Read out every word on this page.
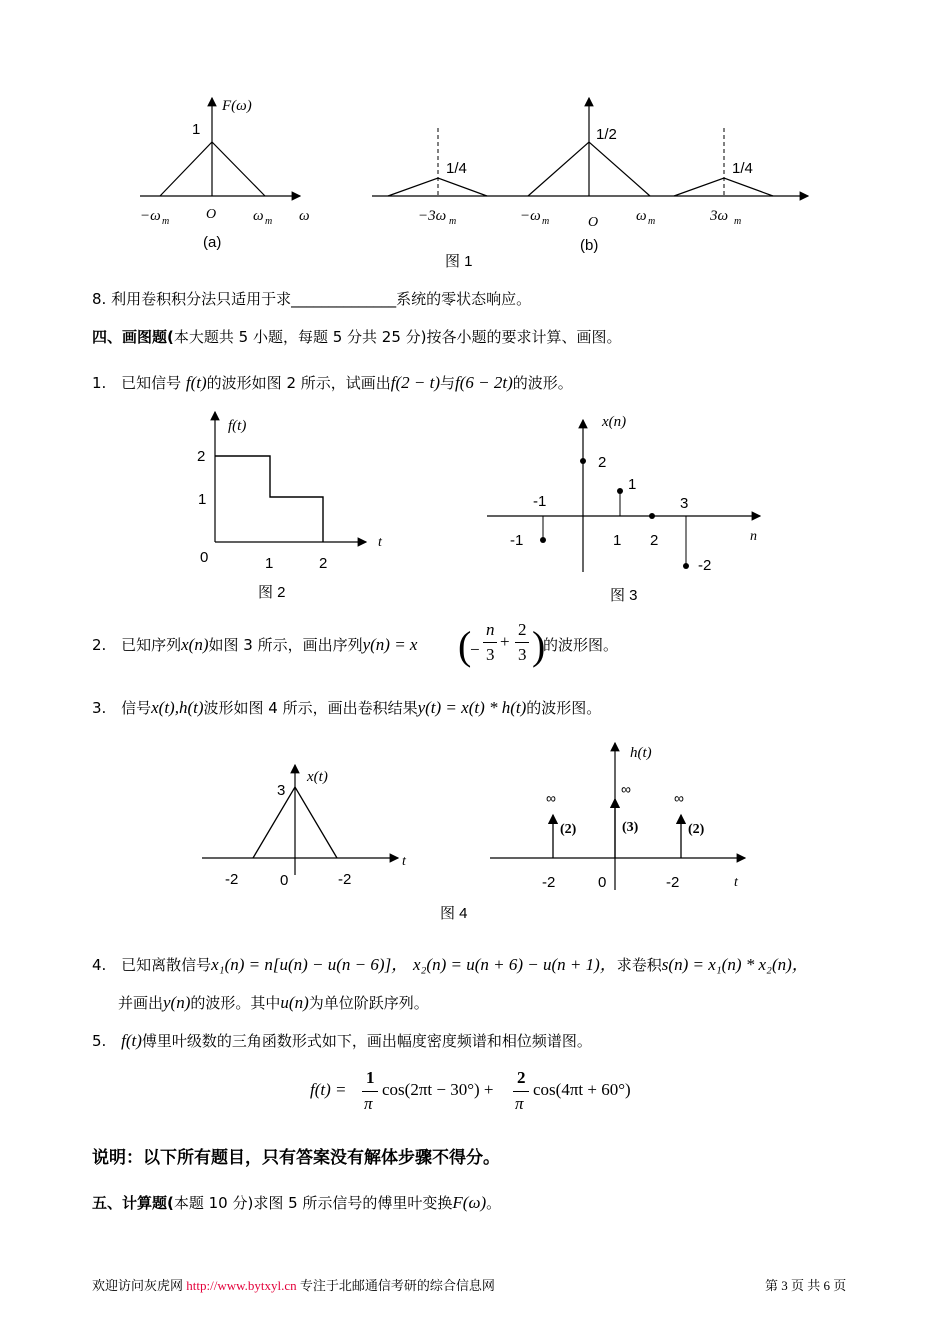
F(ω)
1
−ω m	O ω m ω
(a)
1/2
1/4	1/4
−3ω m	−ω m	O	ω m	3ω m
(b)
图 1
8. 利用卷积积分法只适用于求______________系统的零状态响应。
四、画图题(本大题共 5 小题，每题 5 分共 25 分)按各小题的要求计算、画图。
1. 已知信号 f(t)的波形如图 2 所示，试画出f(2 − t)与f(6 − 2t)的波形。
f(t)
2
1
0	1	2
t
图 2
x(n)
2
1
-1	3
-1	1 2
-2
n
图 3
2. 已知序列x(n)如图 3 所示，画出序列y(n) = x (
−
n
3
+
2
3 )
的波形图。
3. 信号x(t),h(t)波形如图 4 所示，画出卷积结果y(t) = x(t) * h(t)的波形图。
x(t)
3
-2	0	-2
t
h(t)
∞
∞
∞
(2)	(3)	(2)
-2	0	-2	t
图 4
4. 已知离散信号x₁(n) = n[u(n) − u(n − 6)]， x₂(n) = u(n + 6) − u(n + 1)，求卷积s(n) = x₁(n) * x₂(n)，
并画出y(n)的波形。其中u(n)为单位阶跃序列。
5. f(t)傅里叶级数的三角函数形式如下，画出幅度密度频谱和相位频谱图。
f(t) =
1
π
cos(2πt − 30°) +
2
π
cos(4πt + 60°)
说明：以下所有题目，只有答案没有解体步骤不得分。
五、计算题(本题 10 分)求图 5 所示信号的傅里叶变换F(ω)。
欢迎访问灰虎网 http://www.bytxyl.cn 专注于北邮通信考研的综合信息网	第 3 页 共 6 页
